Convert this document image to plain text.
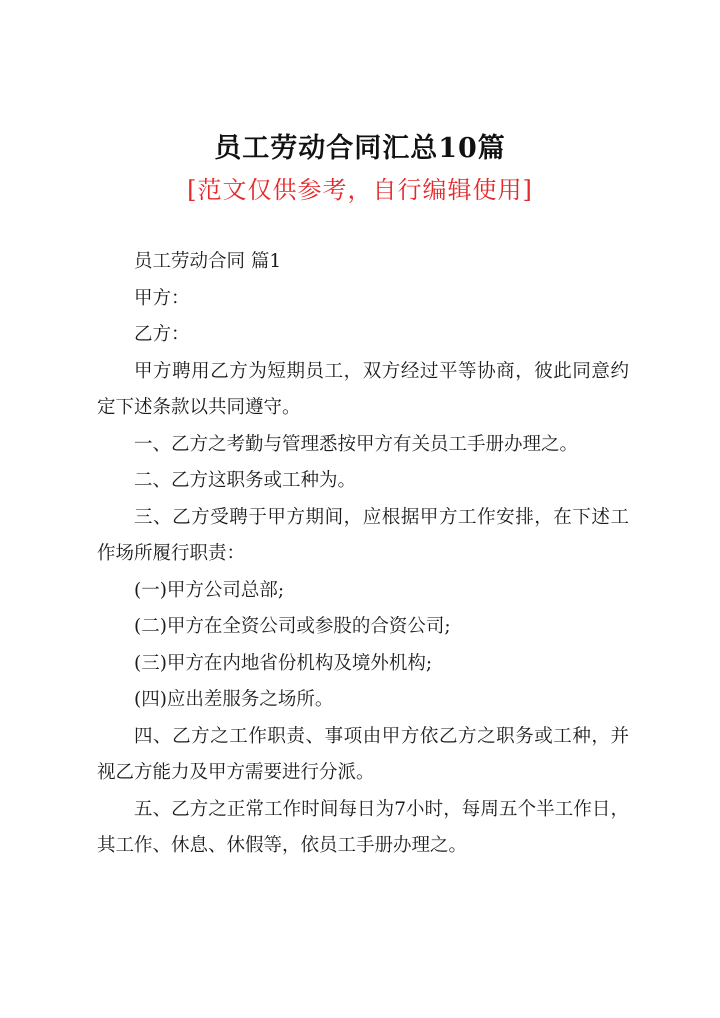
员工劳动合同汇总10篇
[范文仅供参考，自行编辑使用]

员工劳动合同 篇1

甲方：

乙方：

甲方聘用乙方为短期员工，双方经过平等协商，彼此同意约定下述条款以共同遵守。

一、乙方之考勤与管理悉按甲方有关员工手册办理之。

二、乙方这职务或工种为。

三、乙方受聘于甲方期间，应根据甲方工作安排，在下述工作场所履行职责：

(一)甲方公司总部;

(二)甲方在全资公司或参股的合资公司;

(三)甲方在内地省份机构及境外机构;

(四)应出差服务之场所。

四、乙方之工作职责、事项由甲方依乙方之职务或工种，并视乙方能力及甲方需要进行分派。

五、乙方之正常工作时间每日为7小时，每周五个半工作日，其工作、休息、休假等，依员工手册办理之。
